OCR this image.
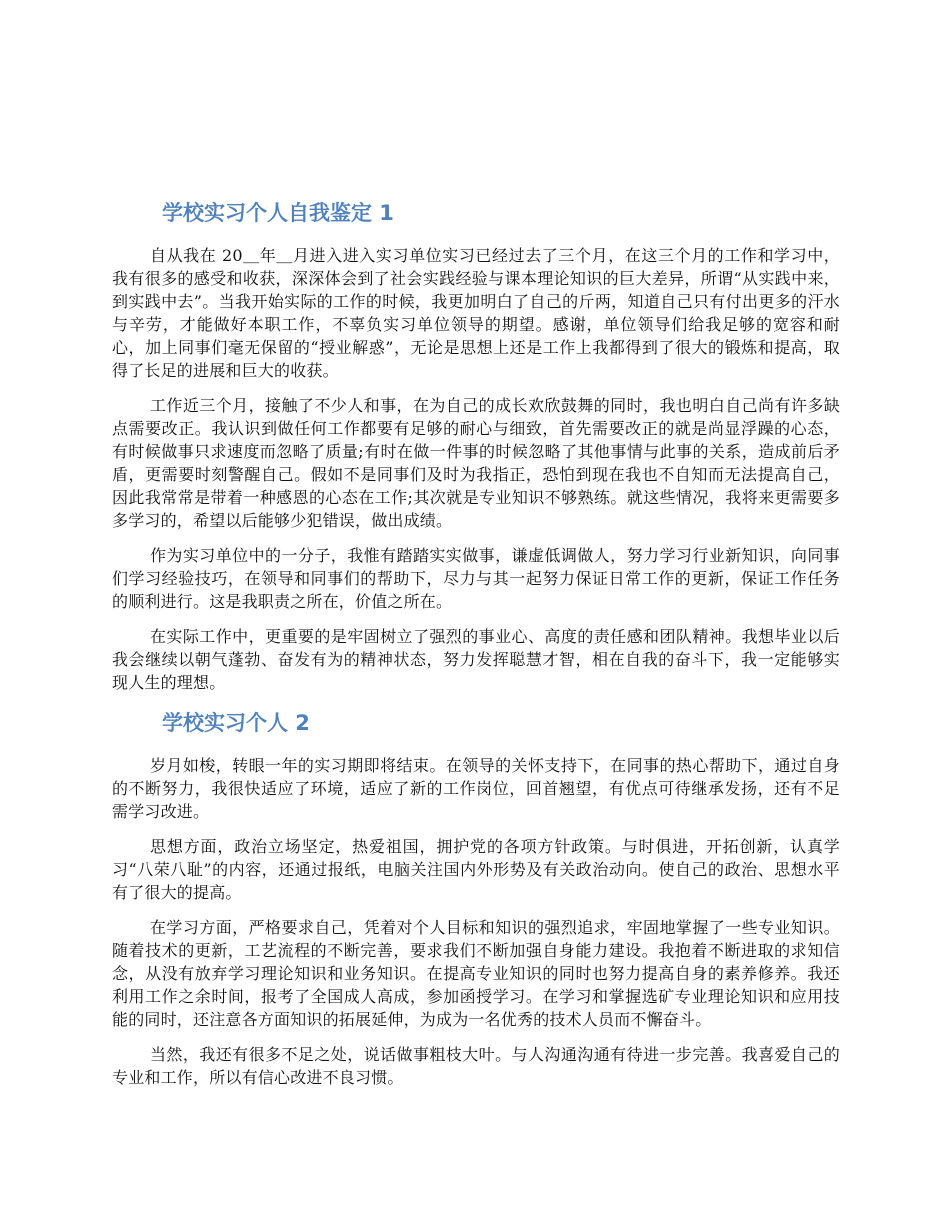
学校实习个人自我鉴定 1

自从我在 20＿年＿月进入进入实习单位实习已经过去了三个月，在这三个月的工作和学习中，我有很多的感受和收获，深深体会到了社会实践经验与课本理论知识的巨大差异，所谓“从实践中来，到实践中去”。当我开始实际的工作的时候，我更加明白了自己的斤两，知道自己只有付出更多的汗水与辛劳，才能做好本职工作，不辜负实习单位领导的期望。感谢，单位领导们给我足够的宽容和耐心，加上同事们毫无保留的“授业解惑”，无论是思想上还是工作上我都得到了很大的锻炼和提高，取得了长足的进展和巨大的收获。

工作近三个月，接触了不少人和事，在为自己的成长欢欣鼓舞的同时，我也明白自己尚有许多缺点需要改正。我认识到做任何工作都要有足够的耐心与细致，首先需要改正的就是尚显浮躁的心态，有时候做事只求速度而忽略了质量;有时在做一件事的时候忽略了其他事情与此事的关系，造成前后矛盾，更需要时刻警醒自己。假如不是同事们及时为我指正，恐怕到现在我也不自知而无法提高自己，因此我常常是带着一种感恩的心态在工作;其次就是专业知识不够熟练。就这些情况，我将来更需要多多学习的，希望以后能够少犯错误，做出成绩。

作为实习单位中的一分子，我惟有踏踏实实做事，谦虚低调做人，努力学习行业新知识，向同事们学习经验技巧，在领导和同事们的帮助下，尽力与其一起努力保证日常工作的更新，保证工作任务的顺利进行。这是我职责之所在，价值之所在。

在实际工作中，更重要的是牢固树立了强烈的事业心、高度的责任感和团队精神。我想毕业以后我会继续以朝气蓬勃、奋发有为的精神状态，努力发挥聪慧才智，相在自我的奋斗下，我一定能够实现人生的理想。

学校实习个人 2

岁月如梭，转眼一年的实习期即将结束。在领导的关怀支持下，在同事的热心帮助下，通过自身的不断努力，我很快适应了环境，适应了新的工作岗位，回首翘望，有优点可待继承发扬，还有不足需学习改进。

思想方面，政治立场坚定，热爱祖国，拥护党的各项方针政策。与时俱进，开拓创新，认真学习“八荣八耻”的内容，还通过报纸，电脑关注国内外形势及有关政治动向。使自己的政治、思想水平有了很大的提高。

在学习方面，严格要求自己，凭着对个人目标和知识的强烈追求，牢固地掌握了一些专业知识。随着技术的更新，工艺流程的不断完善，要求我们不断加强自身能力建设。我抱着不断进取的求知信念，从没有放弃学习理论知识和业务知识。在提高专业知识的同时也努力提高自身的素养修养。我还利用工作之余时间，报考了全国成人高成，参加函授学习。在学习和掌握选矿专业理论知识和应用技能的同时，还注意各方面知识的拓展延伸，为成为一名优秀的技术人员而不懈奋斗。

当然，我还有很多不足之处，说话做事粗枝大叶。与人沟通沟通有待进一步完善。我喜爱自己的专业和工作，所以有信心改进不良习惯。
